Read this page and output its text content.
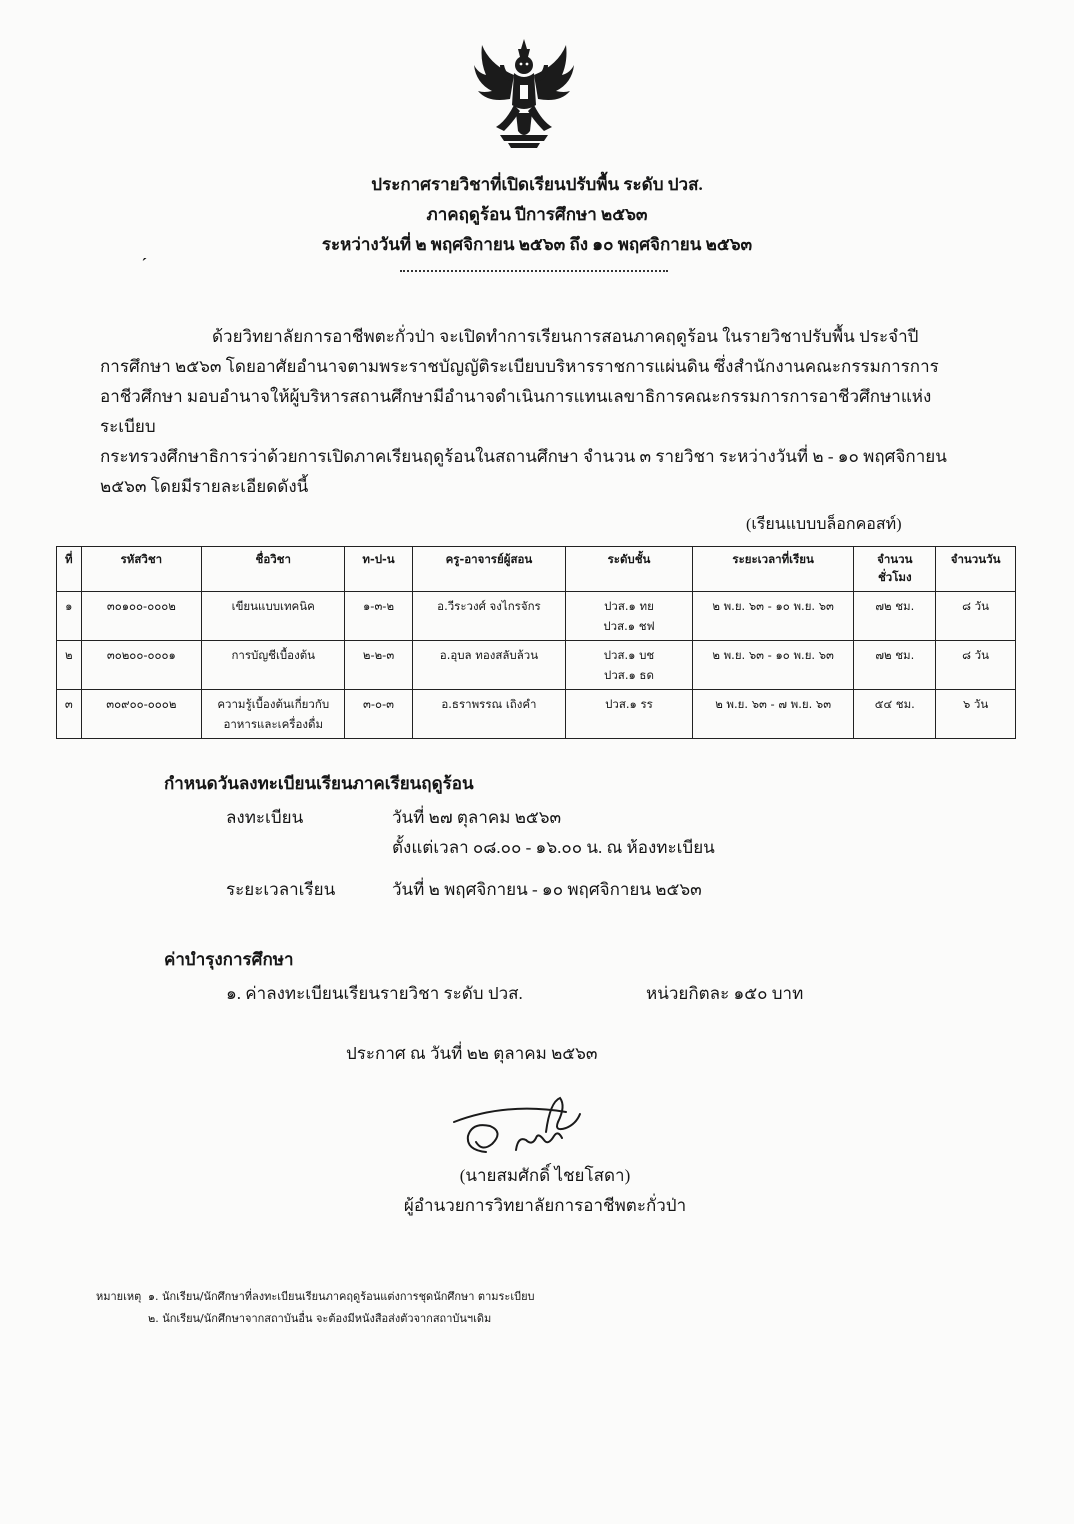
ประกาศรายวิชาที่เปิดเรียนปรับพื้น ระดับ ปวส.
ภาคฤดูร้อน ปีการศึกษา ๒๕๖๓
ระหว่างวันที่ ๒ พฤศจิกายน ๒๕๖๓ ถึง ๑๐ พฤศจิกายน ๒๕๖๓
ˏ
ด้วยวิทยาลัยการอาชีพตะกั่วป่า จะเปิดทำการเรียนการสอนภาคฤดูร้อน ในรายวิชาปรับพื้น ประจำปี
การศึกษา ๒๕๖๓ โดยอาศัยอำนาจตามพระราชบัญญัติระเบียบบริหารราชการแผ่นดิน ซึ่งสำนักงานคณะกรรมการการ
อาชีวศึกษา มอบอำนาจให้ผู้บริหารสถานศึกษามีอำนาจดำเนินการแทนเลขาธิการคณะกรรมการการอาชีวศึกษาแห่งระเบียบ
กระทรวงศึกษาธิการว่าด้วยการเปิดภาคเรียนฤดูร้อนในสถานศึกษา จำนวน ๓ รายวิชา ระหว่างวันที่ ๒ - ๑๐ พฤศจิกายน
๒๕๖๓ โดยมีรายละเอียดดังนี้
(เรียนแบบบล็อกคอสท์)
ที่	รหัสวิชา	ชื่อวิชา	ท-ป-น	ครู-อาจารย์ผู้สอน	ระดับชั้น	ระยะเวลาที่เรียน	จำนวน
ชั่วโมง	จำนวนวัน
๑	๓๐๑๐๐-๐๐๐๒	เขียนแบบเทคนิค	๑-๓-๒	อ.วีระวงศ์ จงไกรจักร	ปวส.๑ ทย
ปวส.๑ ชฟ	๒ พ.ย. ๖๓ - ๑๐ พ.ย. ๖๓	๗๒ ชม.	๘ วัน
๒	๓๐๒๐๐-๐๐๐๑	การบัญชีเบื้องต้น	๒-๒-๓	อ.อุบล ทองสลับล้วน	ปวส.๑ บช
ปวส.๑ ธด	๒ พ.ย. ๖๓ - ๑๐ พ.ย. ๖๓	๗๒ ชม.	๘ วัน
๓	๓๐๙๐๐-๐๐๐๒	ความรู้เบื้องต้นเกี่ยวกับ
อาหารและเครื่องดื่ม	๓-๐-๓	อ.ธราพรรณ เถิงคำ	ปวส.๑ รร	๒ พ.ย. ๖๓ - ๗ พ.ย. ๖๓	๕๔ ชม.	๖ วัน
กำหนดวันลงทะเบียนเรียนภาคเรียนฤดูร้อน
ลงทะเบียน	วันที่ ๒๗ ตุลาคม ๒๕๖๓
ตั้งแต่เวลา ๐๘.๐๐ - ๑๖.๐๐ น. ณ ห้องทะเบียน
ระยะเวลาเรียน	วันที่ ๒ พฤศจิกายน - ๑๐ พฤศจิกายน ๒๕๖๓
ค่าบำรุงการศึกษา
๑. ค่าลงทะเบียนเรียนรายวิชา ระดับ ปวส.	หน่วยกิตละ ๑๕๐ บาท
ประกาศ ณ วันที่ ๒๒ ตุลาคม ๒๕๖๓
(นายสมศักดิ์ ไชยโสดา)
ผู้อำนวยการวิทยาลัยการอาชีพตะกั่วป่า
หมายเหตุ ๑. นักเรียน/นักศึกษาที่ลงทะเบียนเรียนภาคฤดูร้อนแต่งการชุดนักศึกษา ตามระเบียบ
๒. นักเรียน/นักศึกษาจากสถาบันอื่น จะต้องมีหนังสือส่งตัวจากสถาบันฯเดิม
